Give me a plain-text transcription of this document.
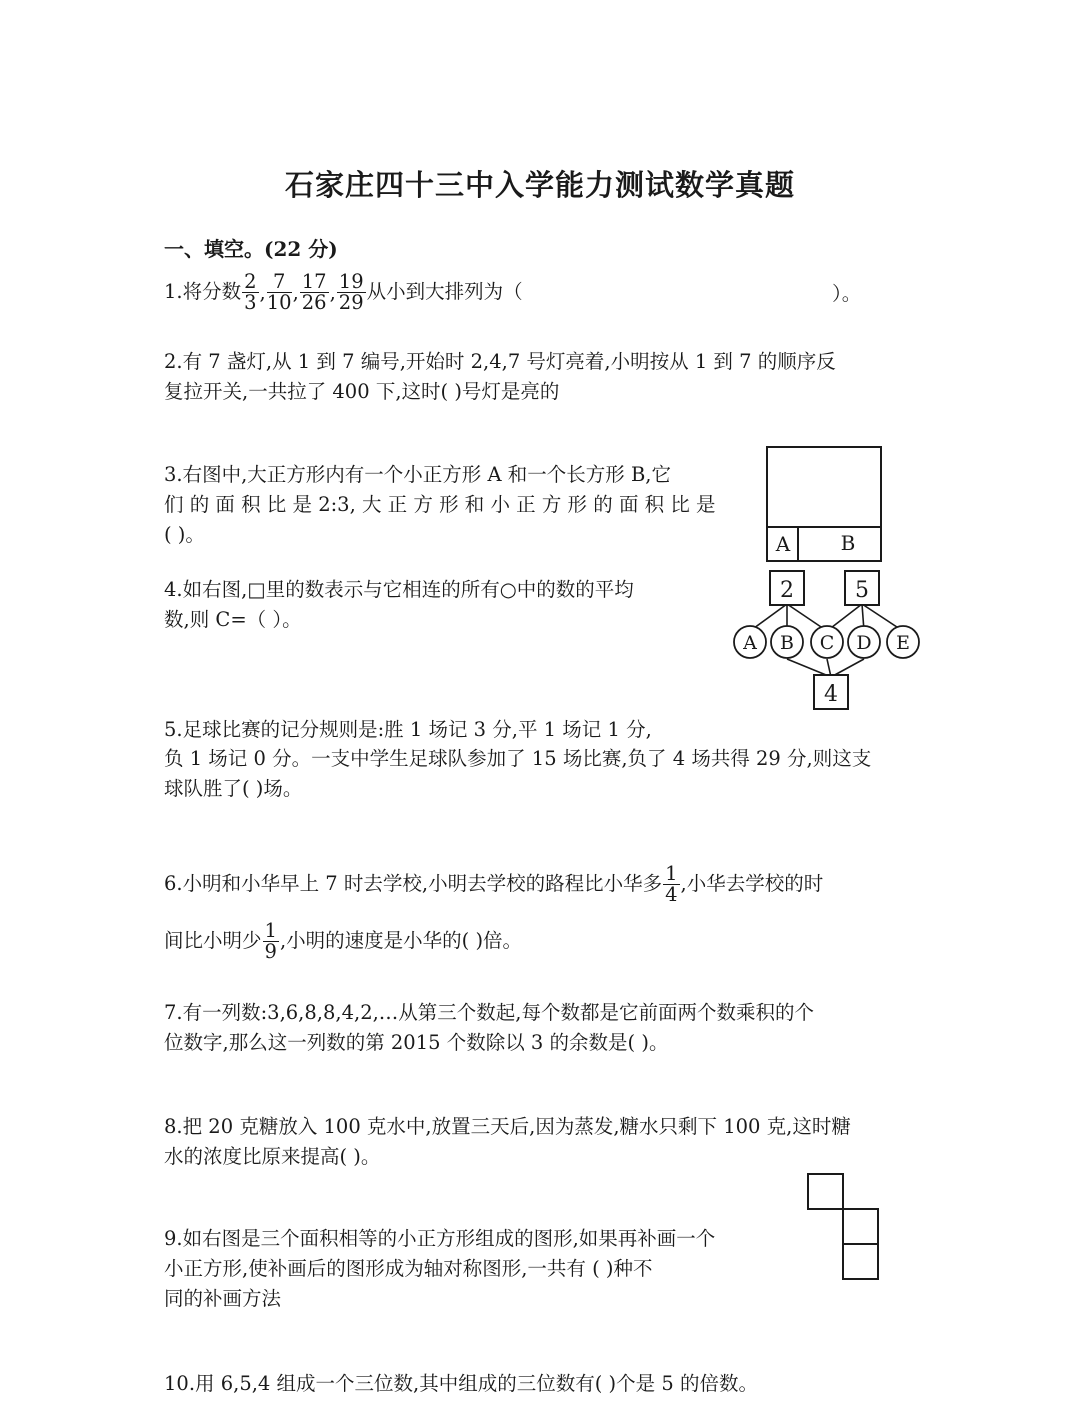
石家庄四十三中入学能力测试数学真题
一、填空。(22 分)
1.将分数 $\frac{2}{3}$ , $\frac{7}{10}$ , $\frac{17}{26}$ , $\frac{19}{29}$ 从小到大排列为（	）。
2.有 7 盏灯,从 1 到 7 编号,开始时 2,4,7 号灯亮着,小明按从 1 到 7 的顺序反
复拉开关,一共拉了 400 下,这时( )号灯是亮的
3.右图中,大正方形内有一个小正方形 A 和一个长方形 B,它
们 的 面 积 比 是 2:3, 大 正 方 形 和 小 正 方 形 的 面 积 比 是
( )。	A	B
4.如右图,□里的数表示与它相连的所有○中的数的平均
数,则 C=（ ）。
2	5
4
A B C D E
5.足球比赛的记分规则是:胜 1 场记 3 分,平 1 场记 1 分,
负 1 场记 0 分。一支中学生足球队参加了 15 场比赛,负了 4 场共得 29 分,则这支
球队胜了( )场。
6.小明和小华早上 7 时去学校,小明去学校的路程比小华多 $\frac{1}{4}$ ,小华去学校的时
间比小明少 $\frac{1}{9}$ ,小明的速度是小华的( )倍。
7.有一列数:3,6,8,8,4,2,…从第三个数起,每个数都是它前面两个数乘积的个
位数字,那么这一列数的第 2015 个数除以 3 的余数是( )。
8.把 20 克糖放入 100 克水中,放置三天后,因为蒸发,糖水只剩下 100 克,这时糖
水的浓度比原来提高( )。
9.如右图是三个面积相等的小正方形组成的图形,如果再补画一个
小正方形,使补画后的图形成为轴对称图形,一共有 ( )种不
同的补画方法
10.用 6,5,4 组成一个三位数,其中组成的三位数有( )个是 5 的倍数。
